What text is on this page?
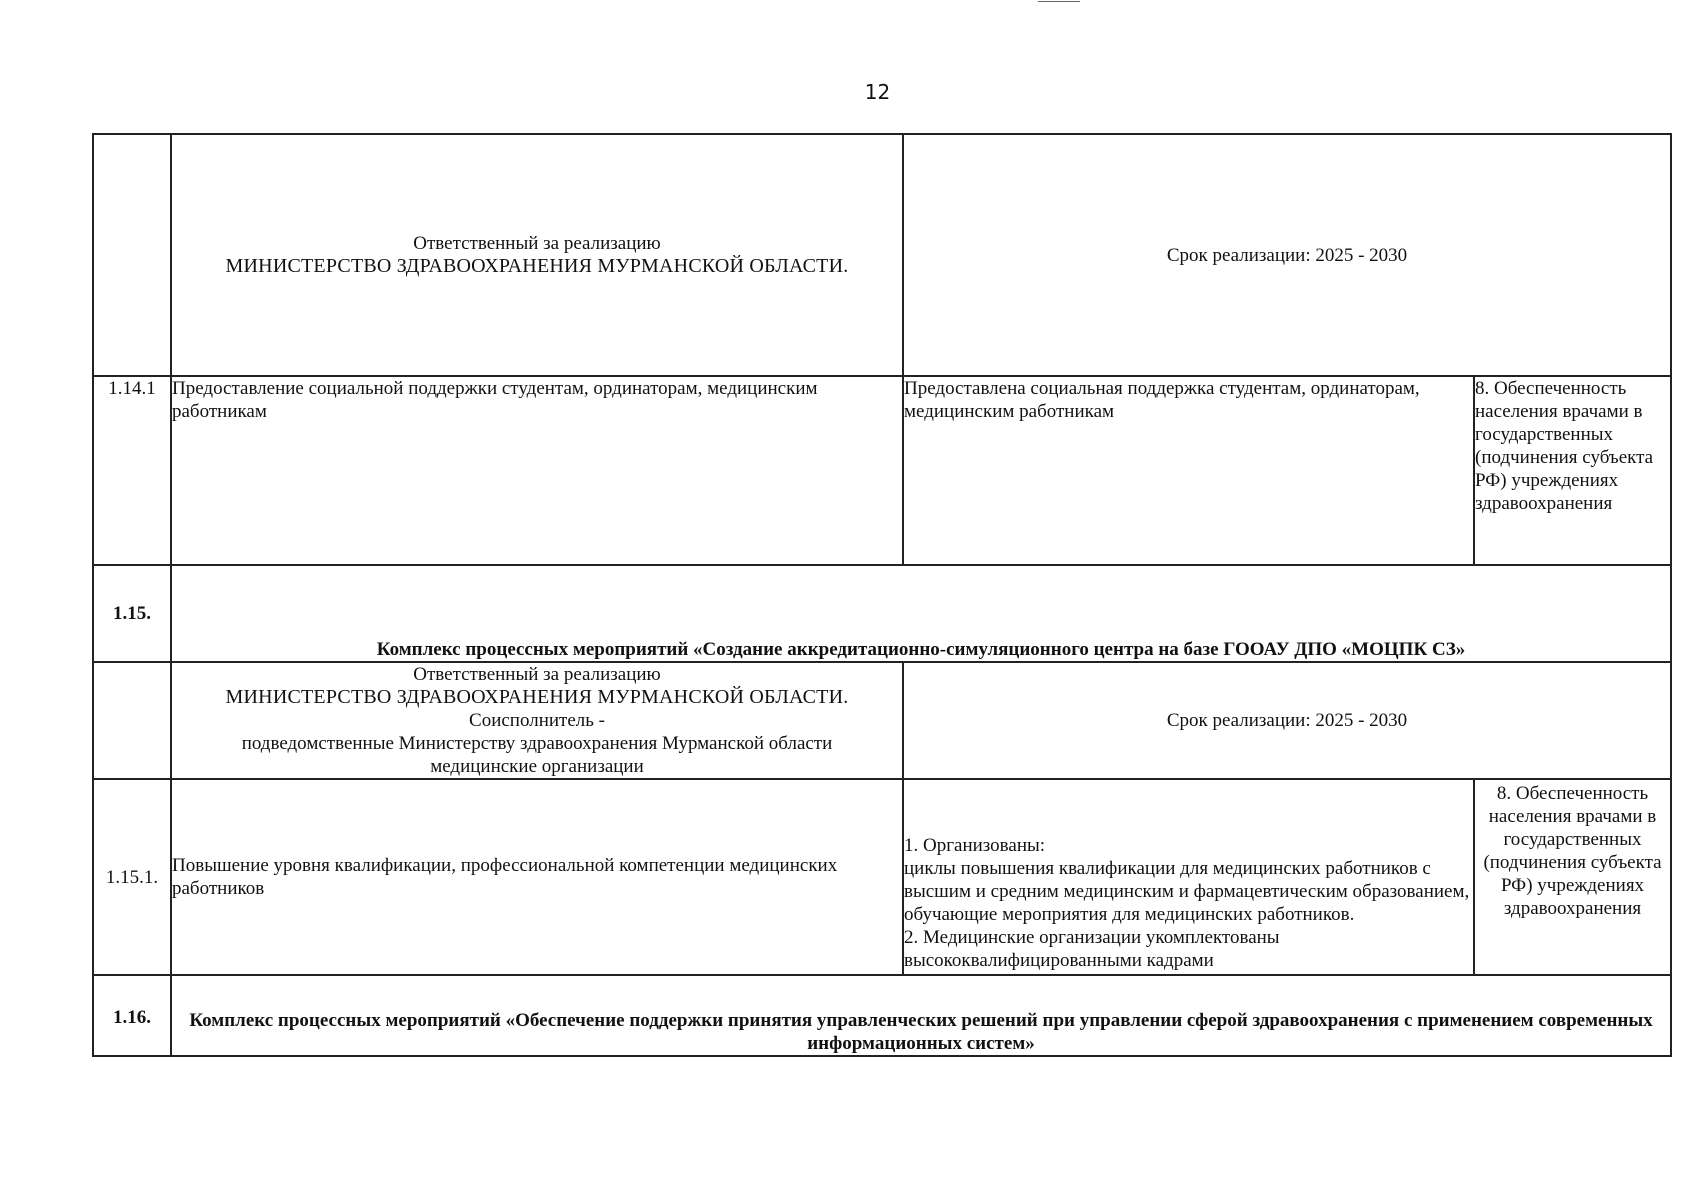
12

	Ответственный за реализацию
МИНИСТЕРСТВО ЗДРАВООХРАНЕНИЯ МУРМАНСКОЙ ОБЛАСТИ.	Срок реализации: 2025 - 2030	

1.14.1	Предоставление социальной поддержки студентам, ординаторам, медицинским работникам	Предоставлена социальная поддержка студентам, ординаторам, медицинским работникам	8. Обеспеченность населения врачами в государственных (подчинения субъекта РФ) учреждениях здравоохранения
1.15.	Комплекс процессных мероприятий «Создание аккредитационно-симуляционного центра на базе ГООАУ ДПО «МОЦПК СЗ»		

	Ответственный за реализацию
МИНИСТЕРСТВО ЗДРАВООХРАНЕНИЯ МУРМАНСКОЙ ОБЛАСТИ.
Соисполнитель -
подведомственные Министерству здравоохранения Мурманской области
медицинские организации	Срок реализации: 2025 - 2030	

1.15.1.	Повышение уровня квалификации, профессиональной компетенции медицинских работников	1. Организованы:
циклы повышения квалификации для медицинских работников с высшим и средним медицинским и фармацевтическим образованием, обучающие мероприятия для медицинских работников.
2. Медицинские организации укомплектованы высококвалифицированными кадрами	8. Обеспеченность населения врачами в государственных (подчинения субъекта РФ) учреждениях здравоохранения
1.16.	Комплекс процессных мероприятий «Обеспечение поддержки принятия управленческих решений при управлении сферой здравоохранения с применением современных информационных систем»		
